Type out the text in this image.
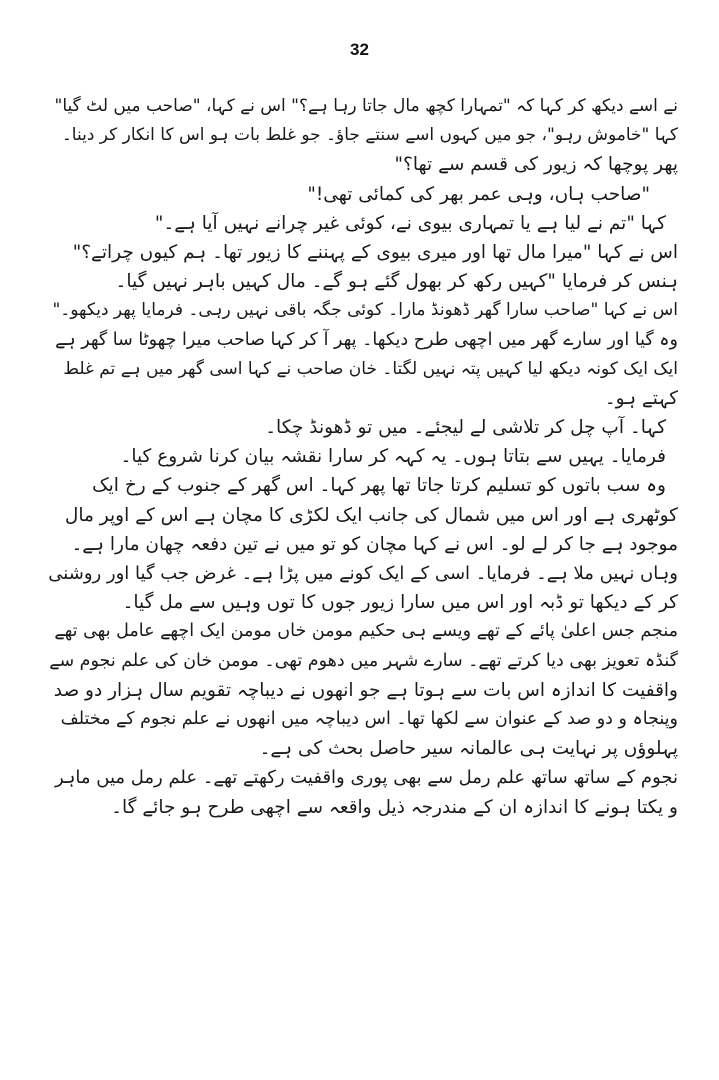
32
نے اسے دیکھ کر کہا کہ "تمہارا کچھ مال جاتا رہا ہے؟" اس نے کہا، "صاحب میں لٹ گیا"
کہا "خاموش رہو"، جو میں کہوں اسے سنتے جاؤ۔ جو غلط بات ہو اس کا انکار کر دینا۔
پھر پوچھا کہ زیور کی قسم سے تھا؟"
"صاحب ہاں، وہی عمر بھر کی کمائی تھی!"
کہا "تم نے لیا ہے یا تمہاری بیوی نے، کوئی غیر چرانے نہیں آیا ہے۔"
اس نے کہا "میرا مال تھا اور میری بیوی کے پہننے کا زیور تھا۔ ہم کیوں چراتے؟"
ہنس کر فرمایا "کہیں رکھ کر بھول گئے ہو گے۔ مال کہیں باہر نہیں گیا۔
اس نے کہا "صاحب سارا گھر ڈھونڈ مارا۔ کوئی جگہ باقی نہیں رہی۔ فرمایا پھر دیکھو۔"
وہ گیا اور سارے گھر میں اچھی طرح دیکھا۔ پھر آ کر کہا صاحب میرا چھوٹا سا گھر ہے
ایک ایک کونہ دیکھ لیا کہیں پتہ نہیں لگتا۔ خان صاحب نے کہا اسی گھر میں ہے تم غلط
کہتے ہو۔
کہا۔ آپ چل کر تلاشی لے لیجئے۔ میں تو ڈھونڈ چکا۔
فرمایا۔ یہیں سے بتاتا ہوں۔ یہ کہہ کر سارا نقشہ بیان کرنا شروع کیا۔
وہ سب باتوں کو تسلیم کرتا جاتا تھا پھر کہا۔ اس گھر کے جنوب کے رخ ایک
کوٹھری ہے اور اس میں شمال کی جانب ایک لکڑی کا مچان ہے اس کے اوپر مال
موجود ہے جا کر لے لو۔ اس نے کہا مچان کو تو میں نے تین دفعہ چھان مارا ہے۔
وہاں نہیں ملا ہے۔ فرمایا۔ اسی کے ایک کونے میں پڑا ہے۔ غرض جب گیا اور روشنی
کر کے دیکھا تو ڈبہ اور اس میں سارا زیور جوں کا توں وہیں سے مل گیا۔
منجم جس اعلیٰ پائے کے تھے ویسے ہی حکیم مومن خاں مومن ایک اچھے عامل بھی تھے
گنڈہ تعویز بھی دیا کرتے تھے۔ سارے شہر میں دھوم تھی۔ مومن خان کی علم نجوم سے
واقفیت کا اندازہ اس بات سے ہوتا ہے جو انھوں نے دیباچہ تقویم سال ہزار دو صد
وپنجاہ و دو صد کے عنوان سے لکھا تھا۔ اس دیباچہ میں انھوں نے علم نجوم کے مختلف
پہلوؤں پر نہایت ہی عالمانہ سیر حاصل بحث کی ہے۔
نجوم کے ساتھ ساتھ علم رمل سے بھی پوری واقفیت رکھتے تھے۔ علم رمل میں ماہر
و یکتا ہونے کا اندازہ ان کے مندرجہ ذیل واقعہ سے اچھی طرح ہو جائے گا۔
